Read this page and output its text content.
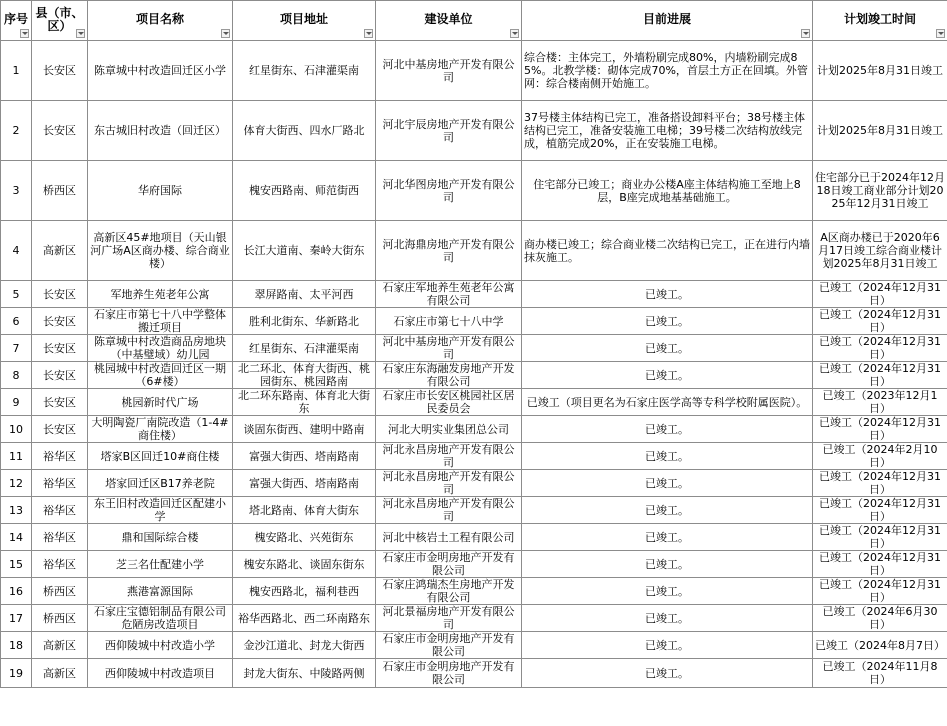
序号	县（市、区）	项目名称	项目地址	建设单位	目前进展	计划竣工时间

1	长安区	陈章城中村改造回迁区小学	红星街东、石津灌渠南	河北中基房地产开发有限公司	综合楼：主体完工，外墙粉刷完成80%，内墙粉刷完成85%。北教学楼：砌体完成70%，首层土方正在回填。外管网：综合楼南侧开始施工。	计划2025年8月31日竣工

2	长安区	东古城旧村改造（回迁区）	体育大街西、四水厂路北	河北宇辰房地产开发有限公司	37号楼主体结构已完工，准备搭设卸料平台；38号楼主体结构已完工，准备安装施工电梯；39号楼二次结构放线完成，植筋完成20%，正在安装施工电梯。	计划2025年8月31日竣工

3	桥西区	华府国际	槐安西路南、师范街西	河北华图房地产开发有限公司	住宅部分已竣工；商业办公楼A座主体结构施工至地上8层，B座完成地基基础施工。	住宅部分已于2024年12月18日竣工商业部分计划2025年12月31日竣工

4	高新区	高新区45#地项目（天山银河广场A区商办楼、综合商业楼）	长江大道南、秦岭大街东	河北海鼎房地产开发有限公司	商办楼已竣工；综合商业楼二次结构已完工，正在进行内墙抹灰施工。	A区商办楼已于2020年6月17日竣工综合商业楼计划2025年8月31日竣工

5	长安区	军地养生苑老年公寓	翠屏路南、太平河西	石家庄军地养生苑老年公寓有限公司	已竣工。	已竣工（2024年12月31日）

6	长安区	石家庄市第七十八中学整体搬迁项目	胜利北街东、华新路北	石家庄市第七十八中学	已竣工。	已竣工（2024年12月31日）

7	长安区	陈章城中村改造商品房地块（中基璧域）幼儿园	红星街东、石津灌渠南	河北中基房地产开发有限公司	已竣工。	已竣工（2024年12月31日）

8	长安区	桃园城中村改造回迁区一期（6#楼）	北二环北、体育大街西、桃园街东、桃园路南	石家庄东海融发房地产开发有限公司	已竣工。	已竣工（2024年12月31日）

9	长安区	桃园新时代广场	北二环东路南、体育北大街东	石家庄市长安区桃园社区居民委员会	已竣工（项目更名为石家庄医学高等专科学校附属医院）。	已竣工（2023年12月1日）

10	长安区	大明陶瓷厂南院改造（1-4#商住楼）	谈固东街西、建明中路南	河北大明实业集团总公司	已竣工。	已竣工（2024年12月31日）

11	裕华区	塔家B区回迁10#商住楼	富强大街西、塔南路南	河北永昌房地产开发有限公司	已竣工。	已竣工（2024年2月10日）

12	裕华区	塔家回迁区B17养老院	富强大街西、塔南路南	河北永昌房地产开发有限公司	已竣工。	已竣工（2024年12月31日）

13	裕华区	东王旧村改造回迁区配建小学	塔北路南、体育大街东	河北永昌房地产开发有限公司	已竣工。	已竣工（2024年12月31日）

14	裕华区	鼎和国际综合楼	槐安路北、兴苑街东	河北中核岩土工程有限公司	已竣工。	已竣工（2024年12月31日）

15	裕华区	芝三名仕配建小学	槐安东路北、谈固东街东	石家庄市金明房地产开发有限公司	已竣工。	已竣工（2024年12月31日）

16	桥西区	燕港富源国际	槐安西路北，福利巷西	石家庄鸿瑞杰生房地产开发有限公司	已竣工。	已竣工（2024年12月31日）

17	桥西区	石家庄宝德铝制品有限公司危陋房改造项目	裕华西路北、西二环南路东	河北景福房地产开发有限公司	已竣工。	已竣工（2024年6月30日）

18	高新区	西仰陵城中村改造小学	金沙江道北、封龙大街西	石家庄市金明房地产开发有限公司	已竣工。	已竣工（2024年8月7日）

19	高新区	西仰陵城中村改造项目	封龙大街东、中陵路两侧	石家庄市金明房地产开发有限公司	已竣工。	已竣工（2024年11月8日）
